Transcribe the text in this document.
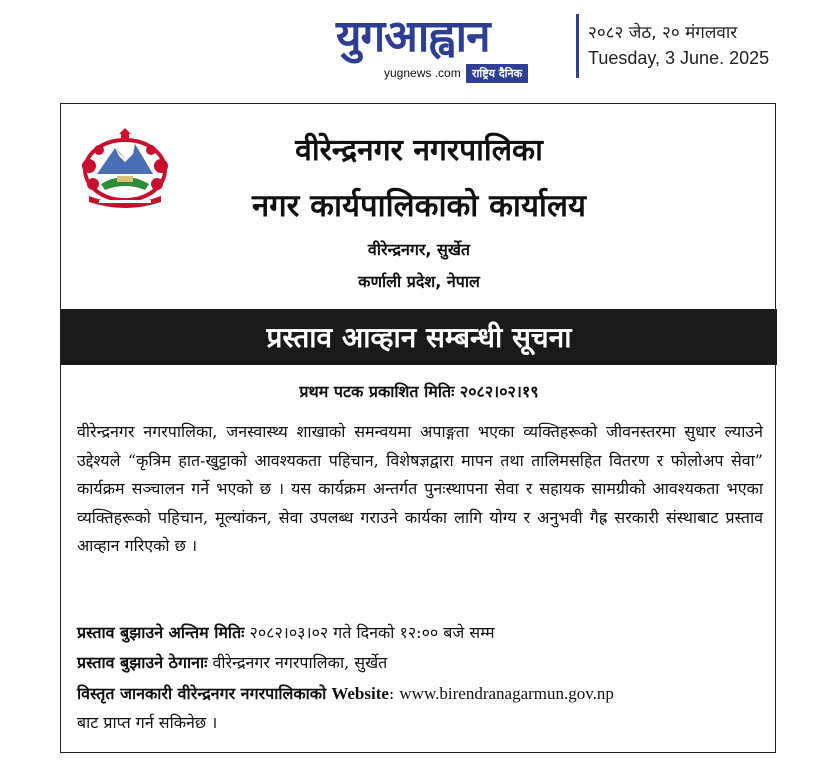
युगआह्वान
yugnews .com	राष्ट्रिय दैनिक
२०८२ जेठ, २० मंगलवार
Tuesday, 3 June. 2025
वीरेन्द्रनगर नगरपालिका
नगर कार्यपालिकाको कार्यालय
वीरेन्द्रनगर, सुर्खेत
कर्णाली प्रदेश, नेपाल
प्रस्ताव आव्हान सम्बन्धी सूचना
प्रथम पटक प्रकाशित मितिः २०८२।०२।१९
वीरेन्द्रनगर नगरपालिका, जनस्वास्थ्य शाखाको समन्वयमा अपाङ्गता भएका व्यक्तिहरूको जीवनस्तरमा सुधार ल्याउने उद्देश्यले “कृत्रिम हात-खुट्टाको आवश्यकता पहिचान, विशेषज्ञद्वारा मापन तथा तालिमसहित वितरण र फोलोअप सेवा” कार्यक्रम सञ्चालन गर्ने भएको छ । यस कार्यक्रम अन्तर्गत पुनःस्थापना सेवा र सहायक सामग्रीको आवश्यकता भएका व्यक्तिहरूको पहिचान, मूल्यांकन, सेवा उपलब्ध गराउने कार्यका लागि योग्य र अनुभवी गैह्र सरकारी संस्थाबाट प्रस्ताव आव्हान गरिएको छ ।
प्रस्ताव बुझाउने अन्तिम मितिः २०८२।०३।०२ गते दिनको १२:०० बजे सम्म
प्रस्ताव बुझाउने ठेगानाः वीरेन्द्रनगर नगरपालिका, सुर्खेत
विस्तृत जानकारी वीरेन्द्रनगर नगरपालिकाको Website: www.birendranagarmun.gov.np
बाट प्राप्त गर्न सकिनेछ ।
